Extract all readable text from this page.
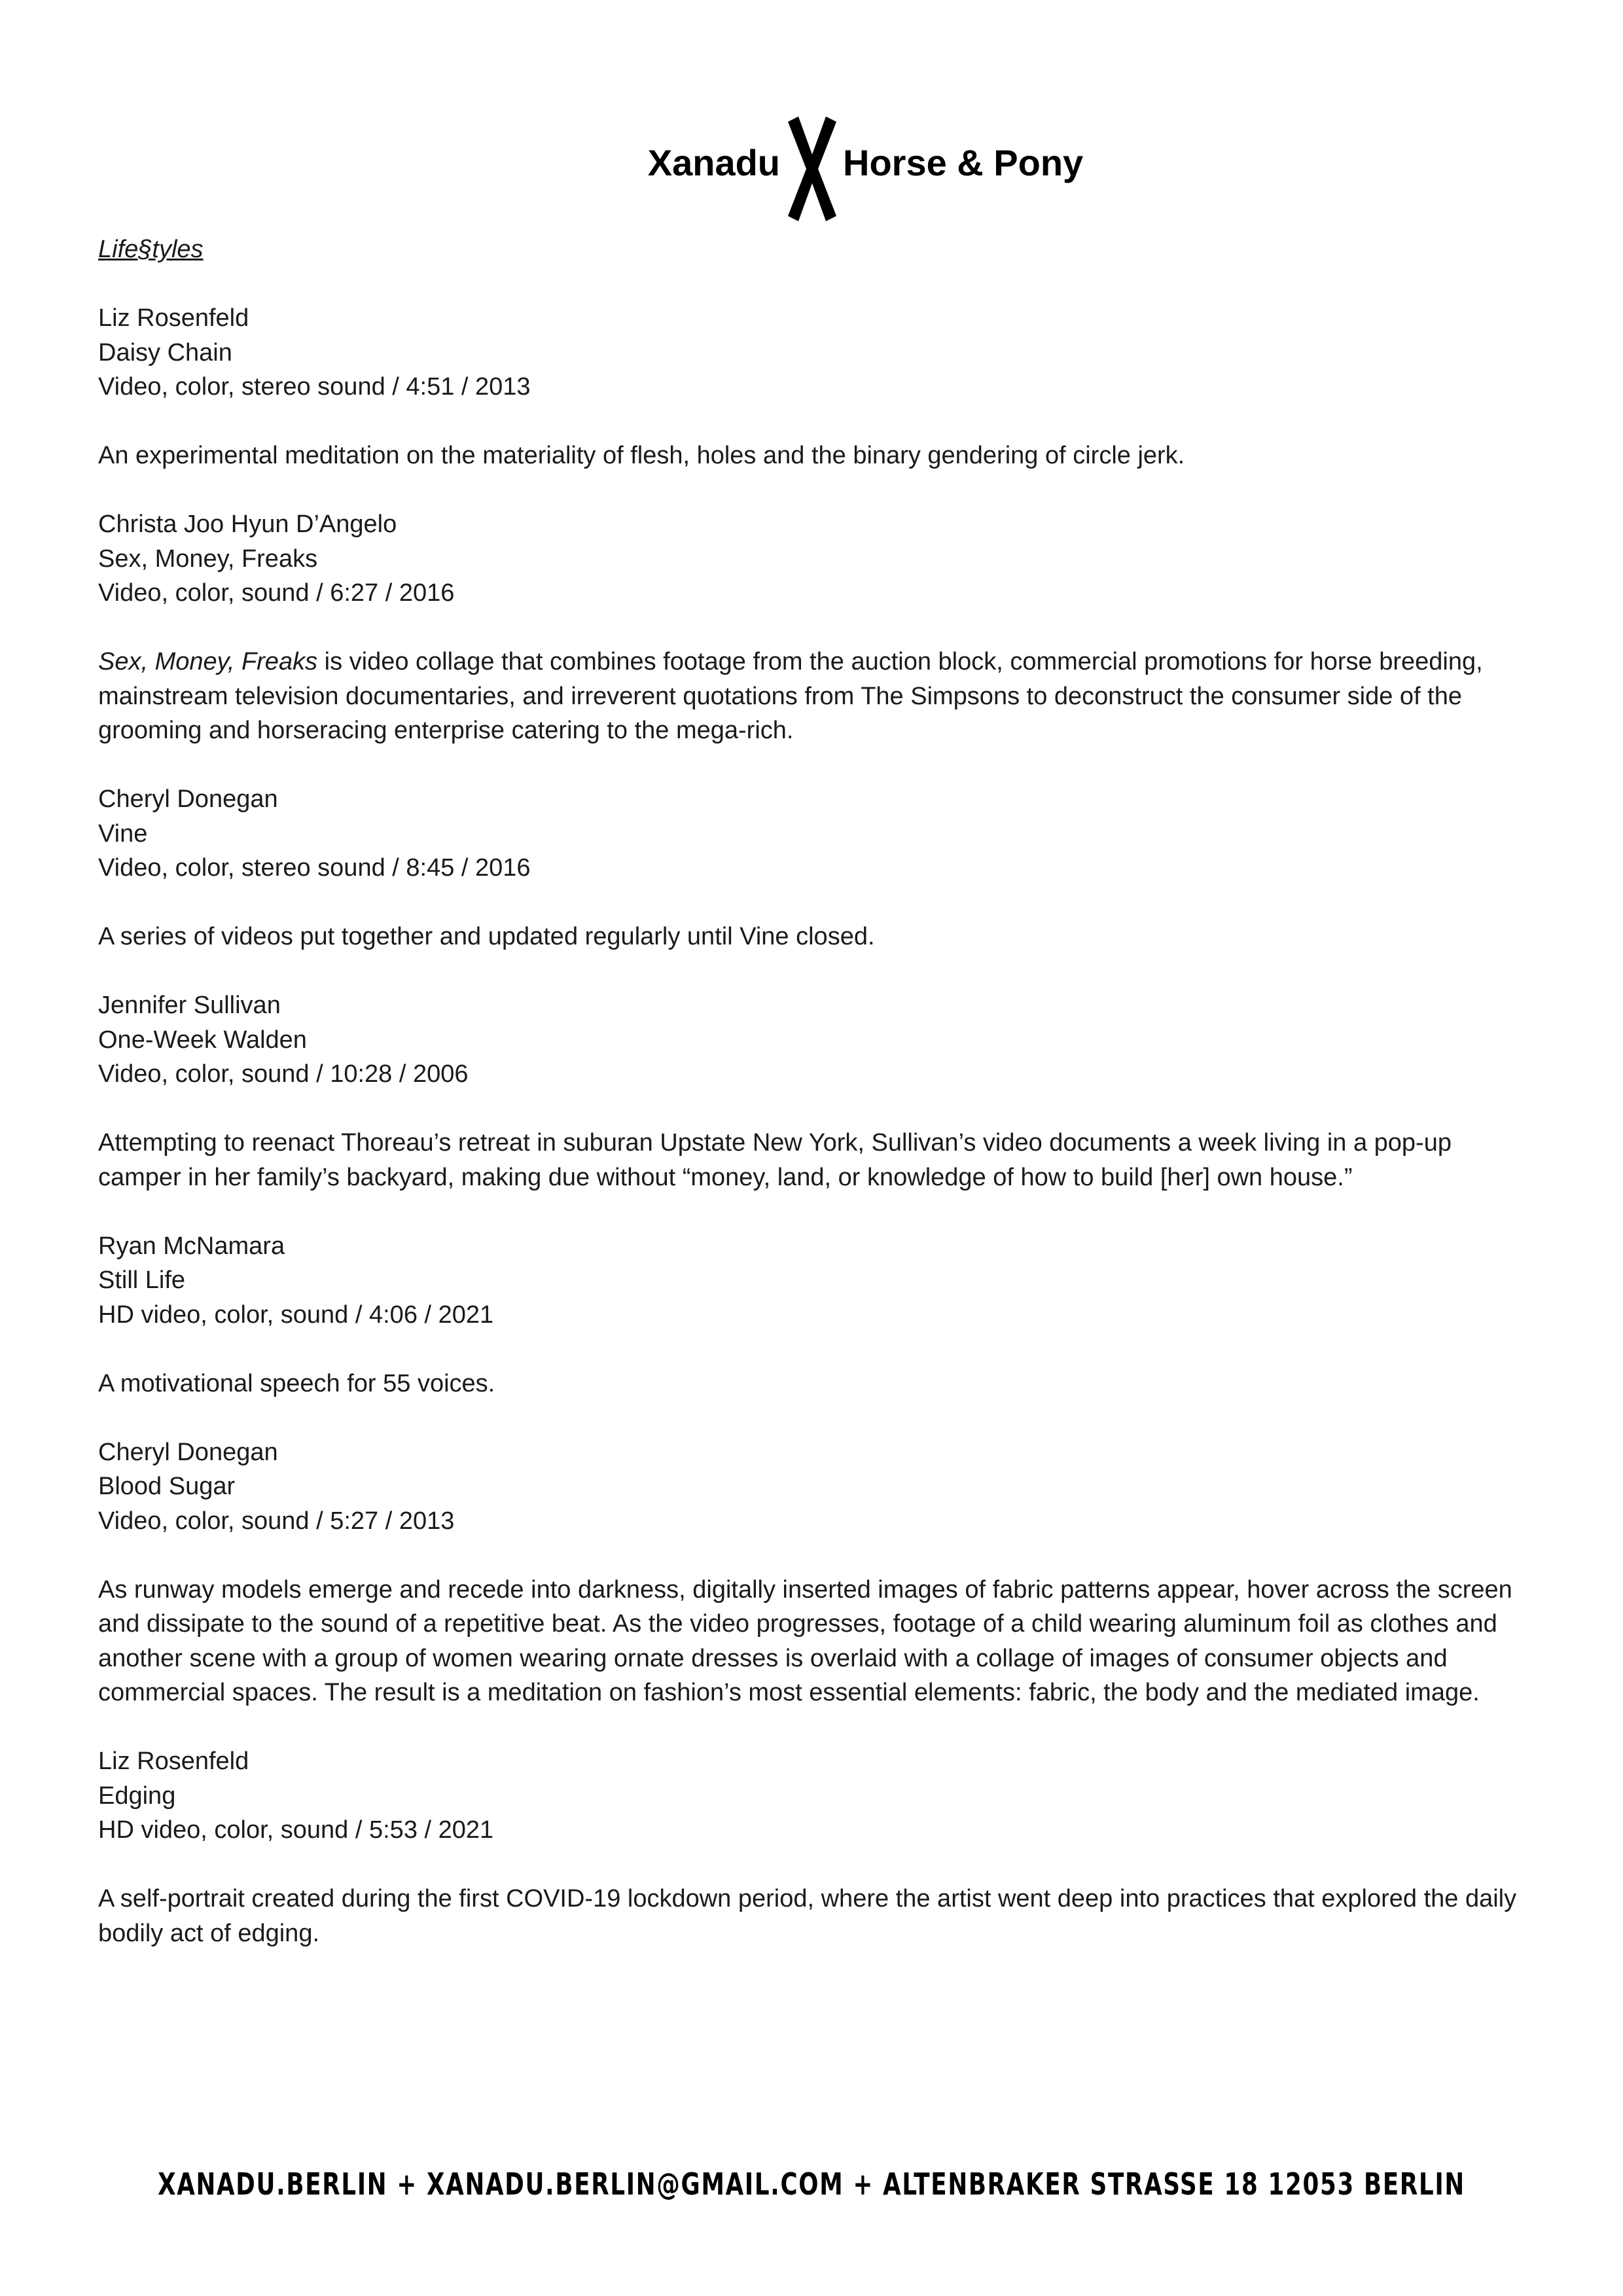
Xanadu Horse & Pony
Life§tyles
Liz Rosenfeld
Daisy Chain
Video, color, stereo sound / 4:51 / 2013
An experimental meditation on the materiality of flesh, holes and the binary gendering of circle jerk.
Christa Joo Hyun D’Angelo
Sex, Money, Freaks
Video, color, sound / 6:27 / 2016
Sex, Money, Freaks is video collage that combines footage from the auction block, commercial promotions for horse breeding, mainstream television documentaries, and irreverent quotations from The Simpsons to deconstruct the consumer side of the grooming and horseracing enterprise catering to the mega-rich.
Cheryl Donegan
Vine
Video, color, stereo sound / 8:45 / 2016
A series of videos put together and updated regularly until Vine closed.
Jennifer Sullivan
One-Week Walden
Video, color, sound / 10:28 / 2006
Attempting to reenact Thoreau’s retreat in suburan Upstate New York, Sullivan’s video documents a week living in a pop-up camper in her family’s backyard, making due without “money, land, or knowledge of how to build [her] own house.”
Ryan McNamara
Still Life
HD video, color, sound / 4:06 / 2021
A motivational speech for 55 voices.
Cheryl Donegan
Blood Sugar
Video, color, sound / 5:27 / 2013
As runway models emerge and recede into darkness, digitally inserted images of fabric patterns appear, hover across the screen and dissipate to the sound of a repetitive beat. As the video progresses, footage of a child wearing aluminum foil as clothes and another scene with a group of women wearing ornate dresses is overlaid with a collage of images of consumer objects and commercial spaces. The result is a meditation on fashion’s most essential elements: fabric, the body and the mediated image.
Liz Rosenfeld
Edging
HD video, color, sound / 5:53 / 2021
A self-portrait created during the first COVID-19 lockdown period, where the artist went deep into practices that explored the daily bodily act of edging.
XANADU.BERLIN + XANADU.BERLIN@GMAIL.COM + ALTENBRAKER STRASSE 18 12053 BERLIN
